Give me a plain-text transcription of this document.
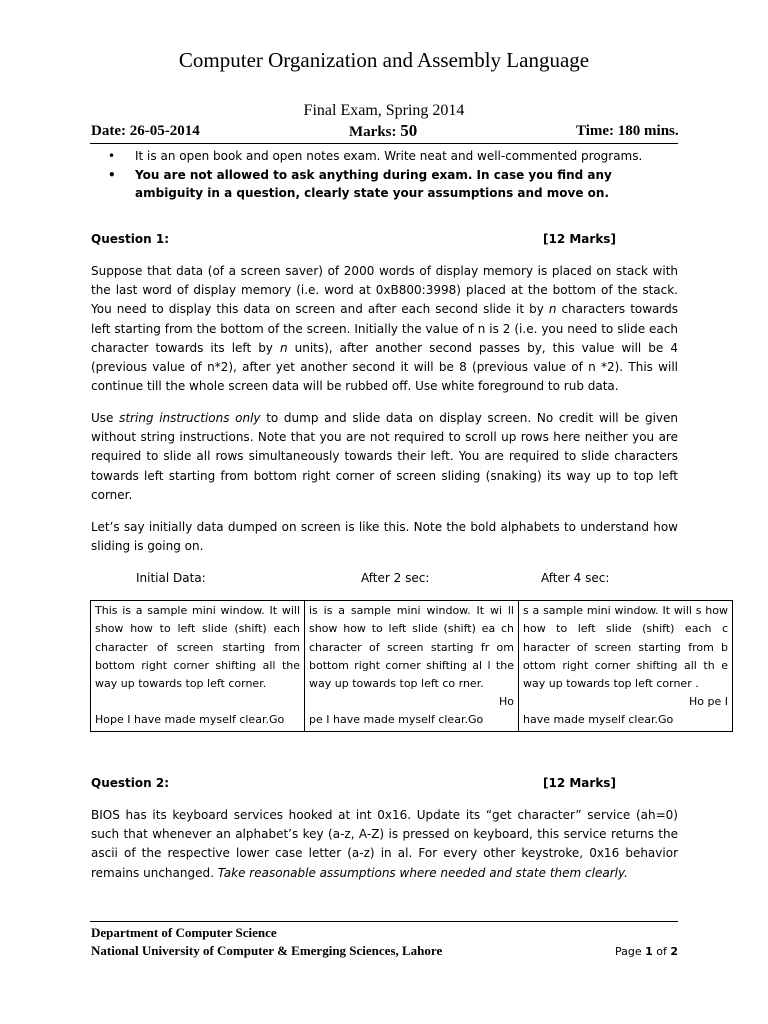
Computer Organization and Assembly Language
Final Exam, Spring 2014
Date: 26-05-2014	Marks: 50	Time: 180 mins.
• It is an open book and open notes exam. Write neat and well-commented programs.
• You are not allowed to ask anything during exam. In case you find any ambiguity in a question, clearly state your assumptions and move on.
Question 1:	[12 Marks]

Suppose that data (of a screen saver) of 2000 words of display memory is placed on stack with the last word of display memory (i.e. word at 0xB800:3998) placed at the bottom of the stack. You need to display this data on screen and after each second slide it by n characters towards left starting from the bottom of the screen. Initially the value of n is 2 (i.e. you need to slide each character towards its left by n units), after another second passes by, this value will be 4 (previous value of n*2), after yet another second it will be 8 (previous value of n *2). This will continue till the whole screen data will be rubbed off. Use white foreground to rub data.

Use string instructions only to dump and slide data on display screen. No credit will be given without string instructions. Note that you are not required to scroll up rows here neither you are required to slide all rows simultaneously towards their left. You are required to slide characters towards left starting from bottom right corner of screen sliding (snaking) its way up to top left corner.

Let’s say initially data dumped on screen is like this. Note the bold alphabets to understand how sliding is going on.

Initial Data:	After 2 sec:	After 4 sec:
This is a sample mini window. It will show how to left slide (shift) each character of screen starting from bottom right corner shifting all the way up towards top left corner.
Hope I have made myself clear.Go

is is a sample mini window. It wi ll show how to left slide (shift) ea ch character of screen starting fr om bottom right corner shifting al l the way up towards top left co rner.
Ho
pe I have made myself clear.Go

s a sample mini window. It will s how how to left slide (shift) each c haracter of screen starting from b ottom right corner shifting all th e way up towards top left corner .
Ho pe I
have made myself clear.Go
Question 2:	[12 Marks]

BIOS has its keyboard services hooked at int 0x16. Update its “get character” service (ah=0) such that whenever an alphabet’s key (a-z, A-Z) is pressed on keyboard, this service returns the ascii of the respective lower case letter (a-z) in al. For every other keystroke, 0x16 behavior remains unchanged. Take reasonable assumptions where needed and state them clearly.

Department of Computer Science
National University of Computer & Emerging Sciences, Lahore	Page 1 of 2
